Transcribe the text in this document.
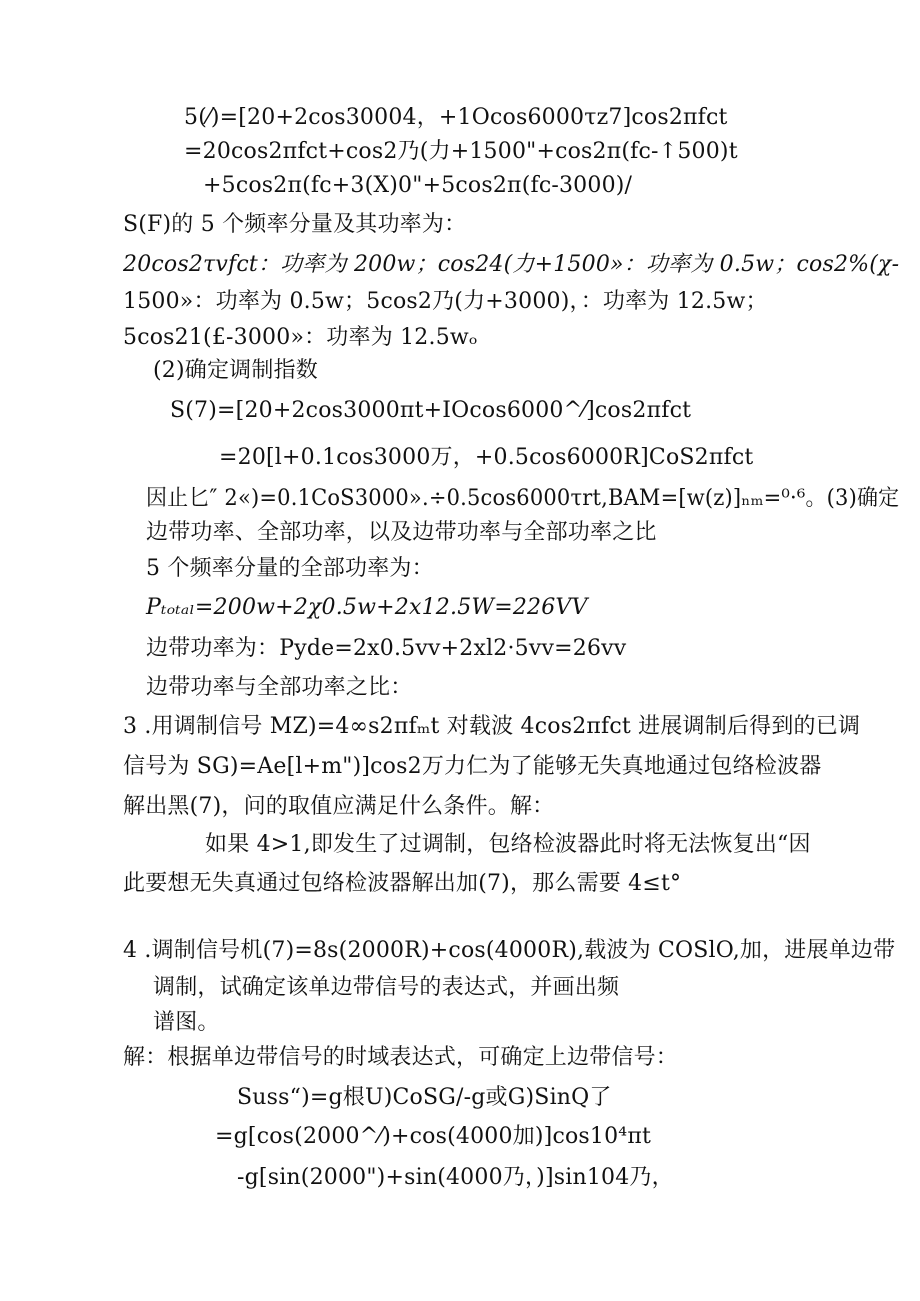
5(⁄)=[20+2cos30004，+1Ocos6000τz7]cos2πfᴄt
=20cos2πfᴄt+cos2乃(力+1500"+cos2π(fᴄ-↑500)t
+5cos2π(fᴄ+3(X)0"+5cos2π(fᴄ-3000)/
S(F)的 5 个频率分量及其功率为：
20cos2τvfᴄt：功率为 200w；cos24(力+1500»：功率为 0.5w；cos2%(χ-
1500»：功率为 0.5w；5cos2乃(力+3000)，：功率为 12.5w；
5cos21(£-3000»：功率为 12.5wₒ
(2)确定调制指数
S(7)=[20+2cos3000πt+IOcos6000^⁄]cos2πfᴄt
=20[l+0.1cos3000万，+0.5cos6000R]CoS2πfᴄt
因止匕″ 2«)=0.1CoS3000».÷0.5cos6000τrt,BAM=[w(z)]ₙₘ=⁰·⁶。(3)确定
边带功率、全部功率，以及边带功率与全部功率之比
5 个频率分量的全部功率为：
Pₜₒₜₐₗ=200w+2χ0.5w+2x12.5W=226VV
边带功率为：Pyde=2x0.5vv+2xl2·5vv=26vv
边带功率与全部功率之比：
3 .用调制信号 MZ)=4∞s2πfₘt 对载波 4cos2πfᴄt 进展调制后得到的已调
信号为 SG)=Ae[l+m")]cos2万力仁为了能够无失真地通过包络检波器
解出黑(7)，问的取值应满足什么条件。解：
如果 4>1,即发生了过调制，包络检波器此时将无法恢复出“因
此要想无失真通过包络检波器解出加(7)，那么需要 4≤t°
4 .调制信号机(7)=8s(2000R)+cos(4000R),载波为 COSlO,加，进展单边带
调制，试确定该单边带信号的表达式，并画出频
谱图。
解：根据单边带信号的时域表达式，可确定上边带信号：
Suss“)=g根U)CoSG/-g或G)SinQ了
=g[cos(2000^⁄)+cos(4000加)]cos10⁴πt
-g[sin(2000")+sin(4000乃，)]sin104乃，
